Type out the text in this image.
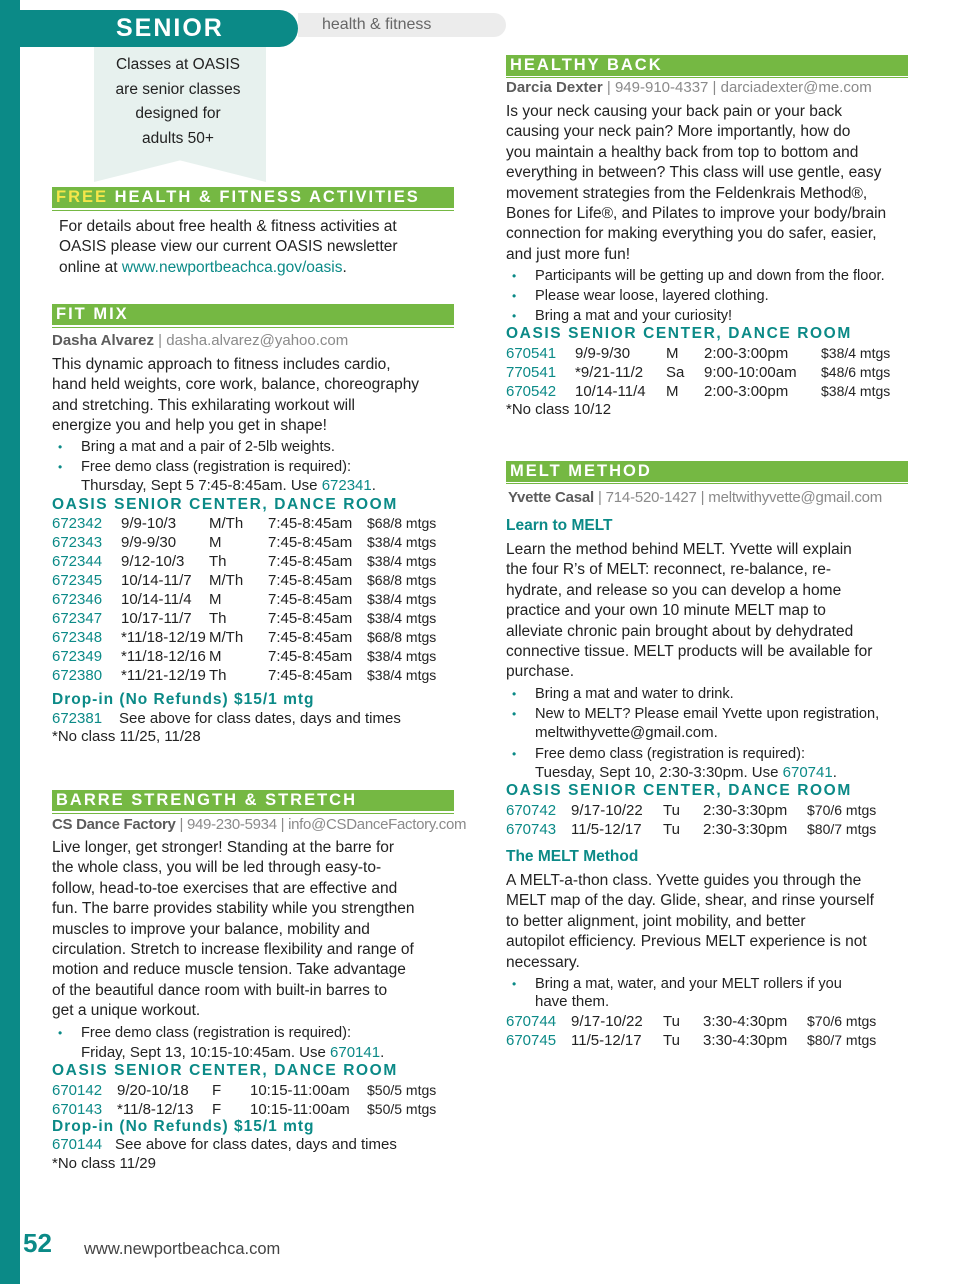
SENIOR	health & fitness
Classes at OASIS
are senior classes
designed for
adults 50+
FREE HEALTH & FITNESS ACTIVITIES
For details about free health & fitness activities at
OASIS please view our current OASIS newsletter
online at www.newportbeachca.gov/oasis.
FIT MIX
Dasha Alvarez | dasha.alvarez@yahoo.com
This dynamic approach to fitness includes cardio,
hand held weights, core work, balance, choreography
and stretching. This exhilarating workout will
energize you and help you get in shape!
• Bring a mat and a pair of 2-5lb weights.
• Free demo class (registration is required):
Thursday, Sept 5 7:45-8:45am. Use 672341.
OASIS SENIOR CENTER, DANCE ROOM
672342 9/9-10/3 M/Th 7:45-8:45am $68/8 mtgs
672343 9/9-9/30 M	7:45-8:45am $38/4 mtgs
672344 9/12-10/3 Th	7:45-8:45am $38/4 mtgs
672345 10/14-11/7 M/Th 7:45-8:45am $68/8 mtgs
672346 10/14-11/4 M	7:45-8:45am $38/4 mtgs
672347 10/17-11/7 Th	7:45-8:45am $38/4 mtgs
672348 *11/18-12/19 M/Th 7:45-8:45am $68/8 mtgs
672349 *11/18-12/16 M	7:45-8:45am $38/4 mtgs
672380 *11/21-12/19 Th	7:45-8:45am $38/4 mtgs
Drop-in (No Refunds) $15/1 mtg
672381 See above for class dates, days and times
*No class 11/25, 11/28
BARRE STRENGTH & STRETCH
CS Dance Factory | 949-230-5934 | info@CSDanceFactory.com
Live longer, get stronger! Standing at the barre for
the whole class, you will be led through easy-to-
follow, head-to-toe exercises that are effective and
fun. The barre provides stability while you strengthen
muscles to improve your balance, mobility and
circulation. Stretch to increase flexibility and range of
motion and reduce muscle tension. Take advantage
of the beautiful dance room with built-in barres to
get a unique workout.
• Free demo class (registration is required):
Friday, Sept 13, 10:15-10:45am. Use 670141.
OASIS SENIOR CENTER, DANCE ROOM
670142 9/20-10/18 F 10:15-11:00am $50/5 mtgs
670143 *11/8-12/13 F 10:15-11:00am $50/5 mtgs
Drop-in (No Refunds) $15/1 mtg
670144 See above for class dates, days and times
*No class 11/29
HEALTHY BACK
Darcia Dexter | 949-910-4337 | darciadexter@me.com
Is your neck causing your back pain or your back
causing your neck pain? More importantly, how do
you maintain a healthy back from top to bottom and
everything in between? This class will use gentle, easy
movement strategies from the Feldenkrais Method®,
Bones for Life®, and Pilates to improve your body/brain
connection for making everything you do safer, easier,
and just more fun!
• Participants will be getting up and down from the floor.
• Please wear loose, layered clothing.
• Bring a mat and your curiosity!
OASIS SENIOR CENTER, DANCE ROOM
670541 9/9-9/30 M 2:00-3:00pm $38/4 mtgs
770541 *9/21-11/2 Sa 9:00-10:00am $48/6 mtgs
670542 10/14-11/4 M 2:00-3:00pm $38/4 mtgs
*No class 10/12
MELT METHOD
Yvette Casal | 714-520-1427 | meltwithyvette@gmail.com
Learn to MELT
Learn the method behind MELT. Yvette will explain
the four R’s of MELT: reconnect, re-balance, re-
hydrate, and release so you can develop a home
practice and your own 10 minute MELT map to
alleviate chronic pain brought about by dehydrated
connective tissue. MELT products will be available for
purchase.
• Bring a mat and water to drink.
• New to MELT? Please email Yvette upon registration,
meltwithyvette@gmail.com.
• Free demo class (registration is required):
Tuesday, Sept 10, 2:30-3:30pm. Use 670741.
OASIS SENIOR CENTER, DANCE ROOM
670742 9/17-10/22 Tu 2:30-3:30pm $70/6 mtgs
670743 11/5-12/17 Tu 2:30-3:30pm $80/7 mtgs
The MELT Method
A MELT-a-thon class. Yvette guides you through the
MELT map of the day. Glide, shear, and rinse yourself
to better alignment, joint mobility, and better
autopilot efficiency. Previous MELT experience is not
necessary.
• Bring a mat, water, and your MELT rollers if you
have them.
670744 9/17-10/22 Tu 3:30-4:30pm $70/6 mtgs
670745 11/5-12/17 Tu 3:30-4:30pm $80/7 mtgs
52 www.newportbeachca.com
